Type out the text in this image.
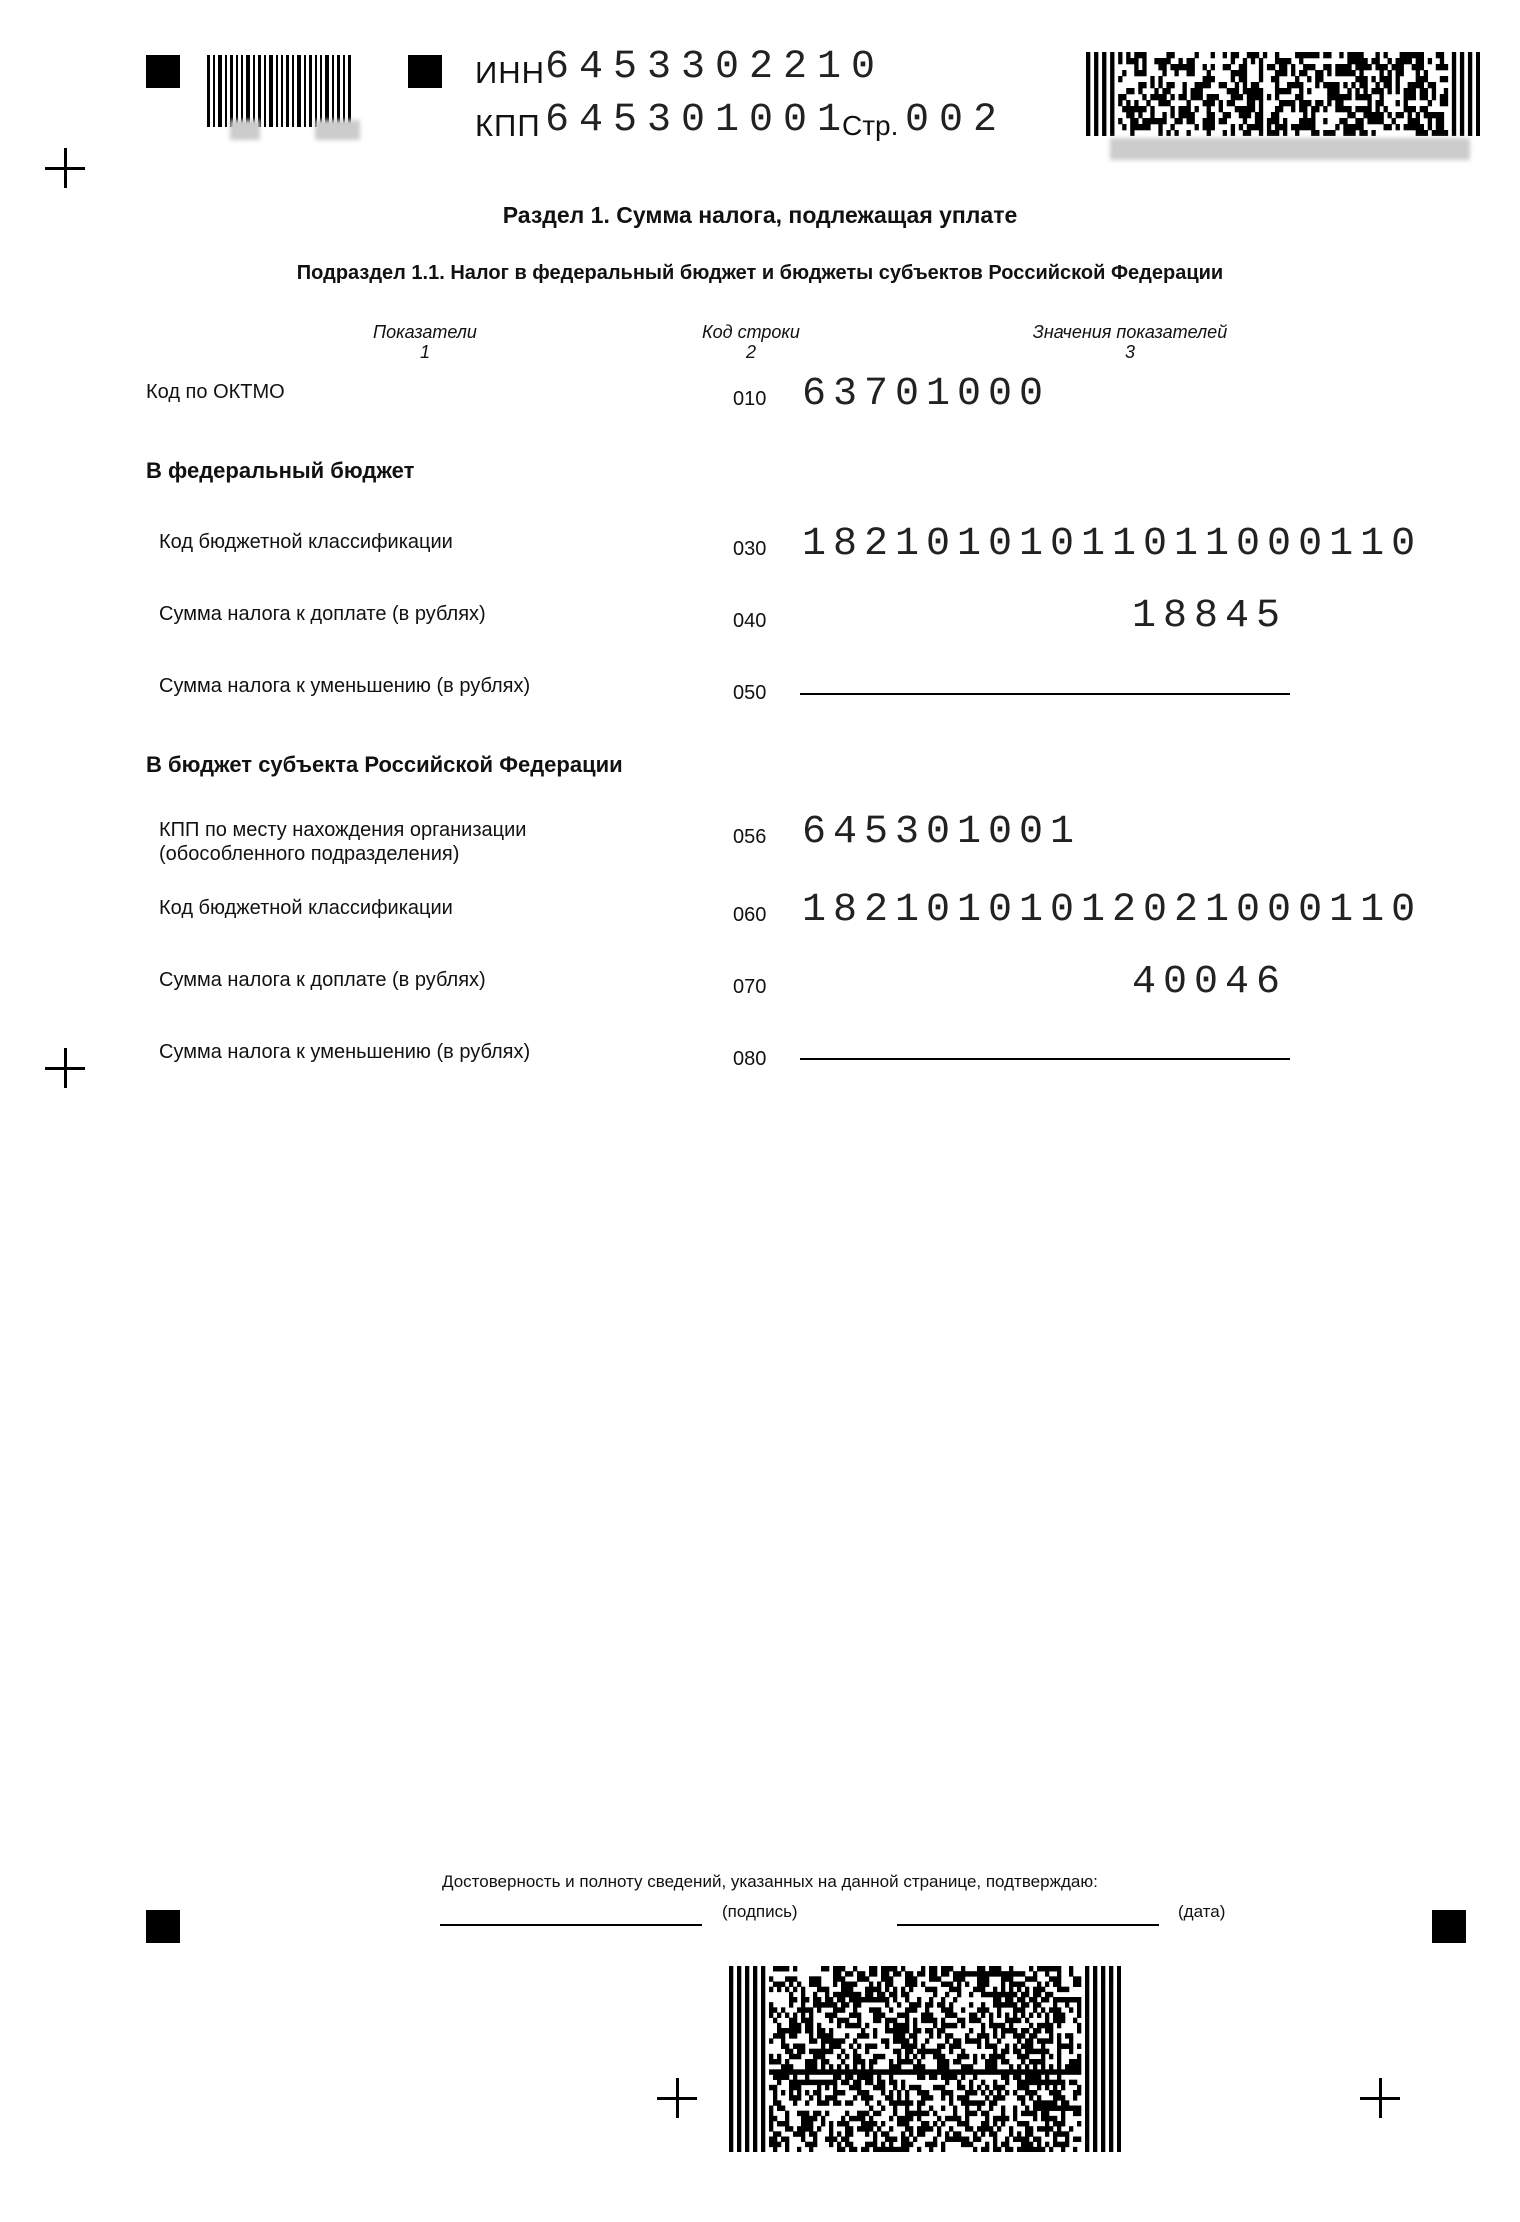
ИНН 6453302210
КПП 645301001
Стр. 002
Раздел 1. Сумма налога, подлежащая уплате
Подраздел 1.1. Налог в федеральный бюджет и бюджеты субъектов Российской Федерации
Показатели
1
Код строки
2
Значения показателей
3
Код по ОКТМО	010 63701000
В федеральный бюджет
Код бюджетной классификации	030 18210101011011000110
Сумма налога к доплате (в рублях)	040	18845
Сумма налога к уменьшению (в рублях)	050
В бюджет субъекта Российской Федерации
КПП по месту нахождения организации
(обособленного подразделения)
056 645301001
Код бюджетной классификации	060 18210101012021000110
Сумма налога к доплате (в рублях)	070	40046
Сумма налога к уменьшению (в рублях)	080
Достоверность и полноту сведений, указанных на данной странице, подтверждаю:
(подпись)	(дата)
